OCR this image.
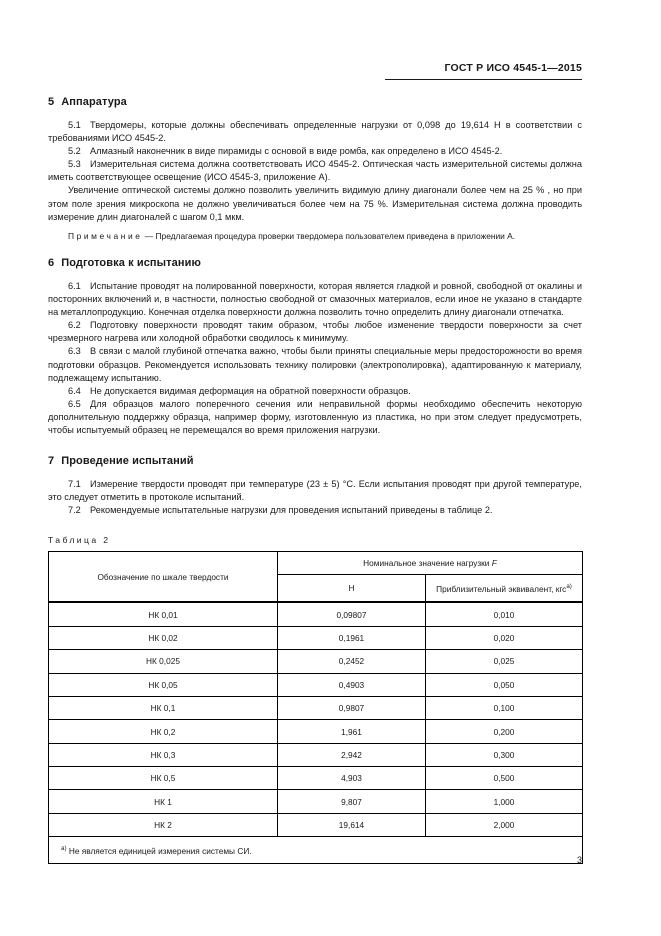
ГОСТ Р ИСО 4545-1—2015
5 Аппаратура

5.1 Твердомеры, которые должны обеспечивать определенные нагрузки от 0,098 до 19,614 Н в соответствии с требованиями ИСО 4545-2.

5.2 Алмазный наконечник в виде пирамиды с основой в виде ромба, как определено в ИСО 4545-2.

5.3 Измерительная система должна соответствовать ИСО 4545-2. Оптическая часть измерительной системы должна иметь соответствующее освещение (ИСО 4545-3, приложение А).

Увеличение оптической системы должно позволить увеличить видимую длину диагонали более чем на 25 % , но при этом поле зрения микроскопа не должно увеличиваться более чем на 75 %. Измерительная система должна проводить измерение длин диагоналей с шагом 0,1 мкм.

Примечание — Предлагаемая процедура проверки твердомера пользователем приведена в приложении А.

6 Подготовка к испытанию

6.1 Испытание проводят на полированной поверхности, которая является гладкой и ровной, свободной от окалины и посторонних включений и, в частности, полностью свободной от смазочных материалов, если иное не указано в стандарте на металлопродукцию. Конечная отделка поверхности должна позволить точно определить длину диагонали отпечатка.

6.2 Подготовку поверхности проводят таким образом, чтобы любое изменение твердости поверхности за счет чрезмерного нагрева или холодной обработки сводилось к минимуму.

6.3 В связи с малой глубиной отпечатка важно, чтобы были приняты специальные меры предосторожности во время подготовки образцов. Рекомендуется использовать технику полировки (электрополировка), адаптированную к материалу, подлежащему испытанию.

6.4 Не допускается видимая деформация на обратной поверхности образцов.

6.5 Для образцов малого поперечного сечения или неправильной формы необходимо обеспечить некоторую дополнительную поддержку образца, например форму, изготовленную из пластика, но при этом следует предусмотреть, чтобы испытуемый образец не перемещался во время приложения нагрузки.

7 Проведение испытаний

7.1 Измерение твердости проводят при температуре (23 ± 5) °C. Если испытания проводят при другой температуре, это следует отметить в протоколе испытаний.

7.2 Рекомендуемые испытательные нагрузки для проведения испытаний приведены в таблице 2.

Таблица 2
Обозначение по шкале твердости	Номинальное значение нагрузки F	
	Н	Приблизительный эквивалент, кгс$^{а)}$
НК 0,01	0,09807	0,010
НК 0,02	0,1961	0,020
НК 0,025	0,2452	0,025
НК 0,05	0,4903	0,050
НК 0,1	0,9807	0,100
НК 0,2	1,961	0,200
НК 0,3	2,942	0,300
НК 0,5	4,903	0,500
НК 1	9,807	1,000
НК 2	19,614	2,000
$^{а)}$ Не является единицей измерения системы СИ.		
3
